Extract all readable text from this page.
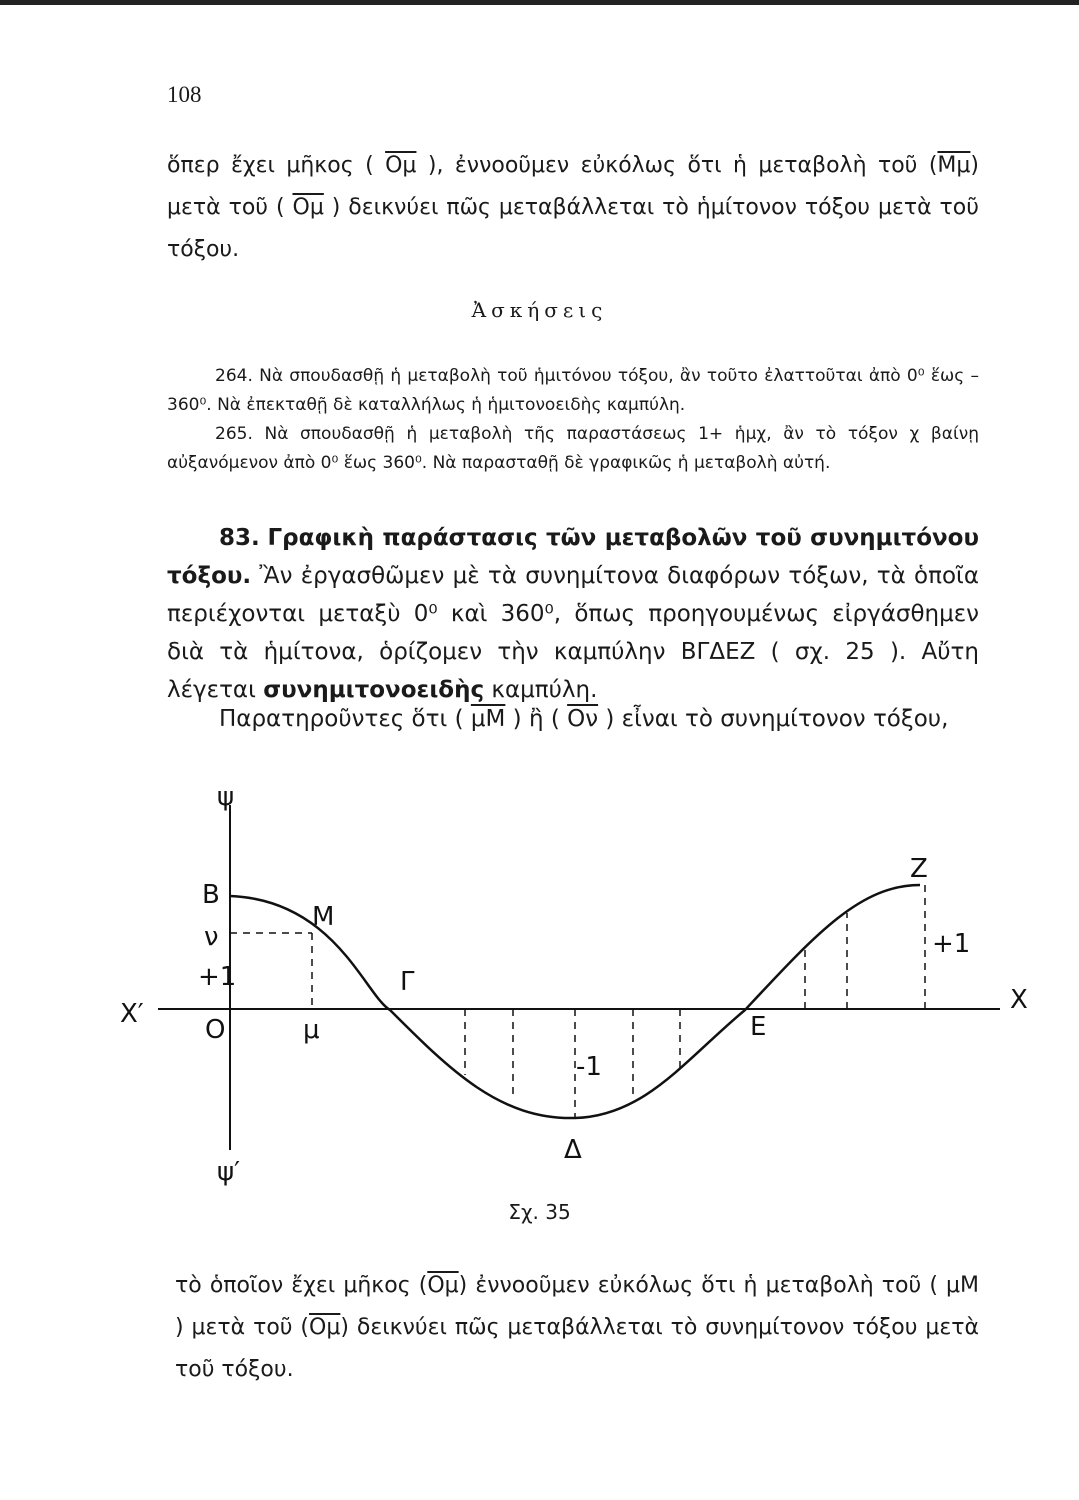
108

ὅπερ ἔχει μῆκος ( $\overline{O\mu}$ ), ἐννοοῦμεν εὐκόλως ὅτι ἡ μεταβολὴ τοῦ $(\overline{M\mu})$ μετὰ τοῦ ( $\overline{O\mu}$ ) δεικνύει πῶς μεταβάλλεται τὸ ἡμίτονον τόξου μετὰ τοῦ τόξου.

Ἀσκήσεις
264. Νὰ σπουδασθῇ ἡ μεταβολὴ τοῦ ἡμιτόνου τόξου, ἂν τοῦτο ἐλαττοῦται ἀπὸ 0⁰ ἕως – 360⁰. Νὰ ἐπεκταθῇ δὲ καταλλήλως ἡ ἡμιτονοειδὴς καμπύλη.
265. Νὰ σπουδασθῇ ἡ μεταβολὴ τῆς παραστάσεως 1+ ἡμχ, ἂν τὸ τόξον χ βαίνῃ αὐξανόμενον ἀπὸ 0⁰ ἕως 360⁰. Νὰ παρασταθῇ δὲ γραφικῶς ἡ μεταβολὴ αὐτή.

83. Γραφικὴ παράστασις τῶν μεταβολῶν τοῦ συνημιτόνου τόξου. Ἂν ἐργασθῶμεν μὲ τὰ συνημίτονα διαφόρων τόξων, τὰ ὁποῖα περιέχονται μεταξὺ 0⁰ καὶ 360⁰, ὅπως προηγουμένως εἰργάσθημεν διὰ τὰ ἡμίτονα, ὁρίζομεν τὴν καμπύλην ΒΓΔΕΖ ( σχ. 25 ). Αὔτη λέγεται συνημιτονοειδὴς καμπύλη.

Παρατηροῦντες ὅτι ( $\overline{\mu M}$ ) ἢ ( $\overline{O\nu}$ ) εἶναι τὸ συνημίτονον τόξου,

ψ
ψ′
X
X′
O
Β
ν
+1
Μ
μ
Γ
Δ
-1
Ε
Ζ
+1
Σχ. 35

τὸ ὁποῖον ἔχει μῆκος $(\overline{O\mu})$ ἐννοοῦμεν εὐκόλως ὅτι ἡ μεταβολὴ τοῦ ( μΜ ) μετὰ τοῦ $(\overline{O\mu})$ δεικνύει πῶς μεταβάλλεται τὸ συνημίτονον τόξου μετὰ τοῦ τόξου.
